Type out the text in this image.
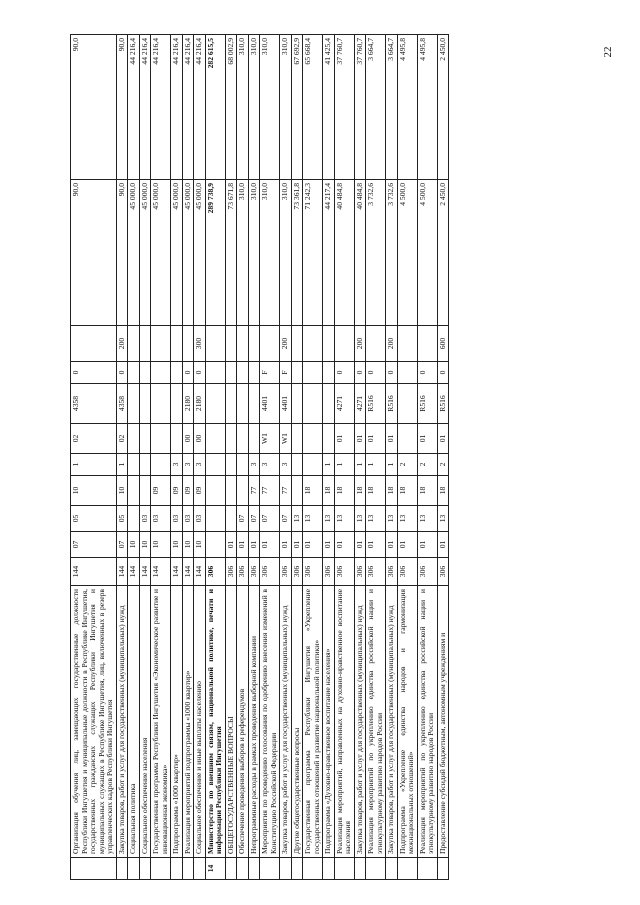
22
	Организация обучения лиц, замещающих государственные должности Республики Ингушетия и муниципальные должности в Республике Ингушетия, государственных гражданских служащих Республики Ингушетия и муниципальных служащих в Республике Ингушетия, лиц, включенных в резерв управленческих кадров Республики Ингушетия	144	07	05	10	1	02	4358	0		90,0	90,0
	Закупка товаров, работ и услуг для государственных (муниципальных) нужд	144	07	05	10	1	02	4358	0	200	90,0	90,0
	Социальная политика	144	10								45 000,0	44 216,4
	Социальное обеспечение населения	144	10	03							45 000,0	44 216,4
	Государственная программа Республики Ингушетия «Экономическое развитие и инновационная экономика»	144	10	03	09						45 000,0	44 216,4
	Подпрограмма «1000 квартир»	144	10	03	09	3					45 000,0	44 216,4
	Реализация мероприятий подпрограммы «1000 квартир»	144	10	03	09	3	00	2180	0		45 000,0	44 216,4
	Социальное обеспечение и иные выплаты населению	144	10	03	09	3	00	2180	0	300	45 000,0	44 216,4
14	Министерство по внешним связям, национальной политике, печати и информации Республики Ингушетия	306									289 738,9	282 615,5
	ОБЩЕГОСУДАРСТВЕННЫЕ ВОПРОСЫ	306	01								73 671,8	68 002,9
	Обеспечение проведения выборов и референдумов	306	01	07							310,0	310,0
	Непрограммные расходы в рамках проведения выборной компании	306	01	07	77	3					310,0	310,0
	Мероприятия по проведению голосования по одобрению внесения изменений в Конституцию Российской Федерации	306	01	07	77	3	W1	4401	F		310,0	310,0
	Закупка товаров, работ и услуг для государственных (муниципальных) нужд	306	01	07	77	3	W1	4401	F	200	310,0	310,0
	Другие общегосударственные вопросы	306	01	13							73 361,8	67 692,9
	Государственная программа Республики Ингушетия «Укрепление государственных отношений и развитие национальной политики»	306	01	13	18						71 242,3	65 668,4
	Подпрограмма «Духовно-нравственное воспитание населения»	306	01	13	18	1					44 217,4	41 425,4
	Реализация мероприятий, направленных на духовно-нравственное воспитание населения	306	01	13	18	1	01	4271	0		40 484,8	37 760,7
	Закупка товаров, работ и услуг для государственных (муниципальных) нужд	306	01	13	18	1	01	4271	0	200	40 484,8	37 760,7
	Реализация мероприятий по укреплению единства российской нации и этнокультурному развитию народов России	306	01	13	18	1	01	R516	0		3 732,6	3 664,7
	Закупка товаров, работ и услуг для государственных (муниципальных) нужд	306	01	13	18	1	01	R516	0	200	3 732,6	3 664,7
	Подпрограмма «Укрепление единства народов и гармонизация межнациональных отношений»	306	01	13	18	2					4 500,0	4 495,8
	Реализация мероприятий по укреплению единства российской нации и этнокультурному развитию народов России	306	01	13	18	2	01	R516	0		4 500,0	4 495,8
	Предоставление субсидий бюджетным, автономным учреждениям и	306	01	13	18	2	01	R516	0	600	2 450,0	2 450,0
